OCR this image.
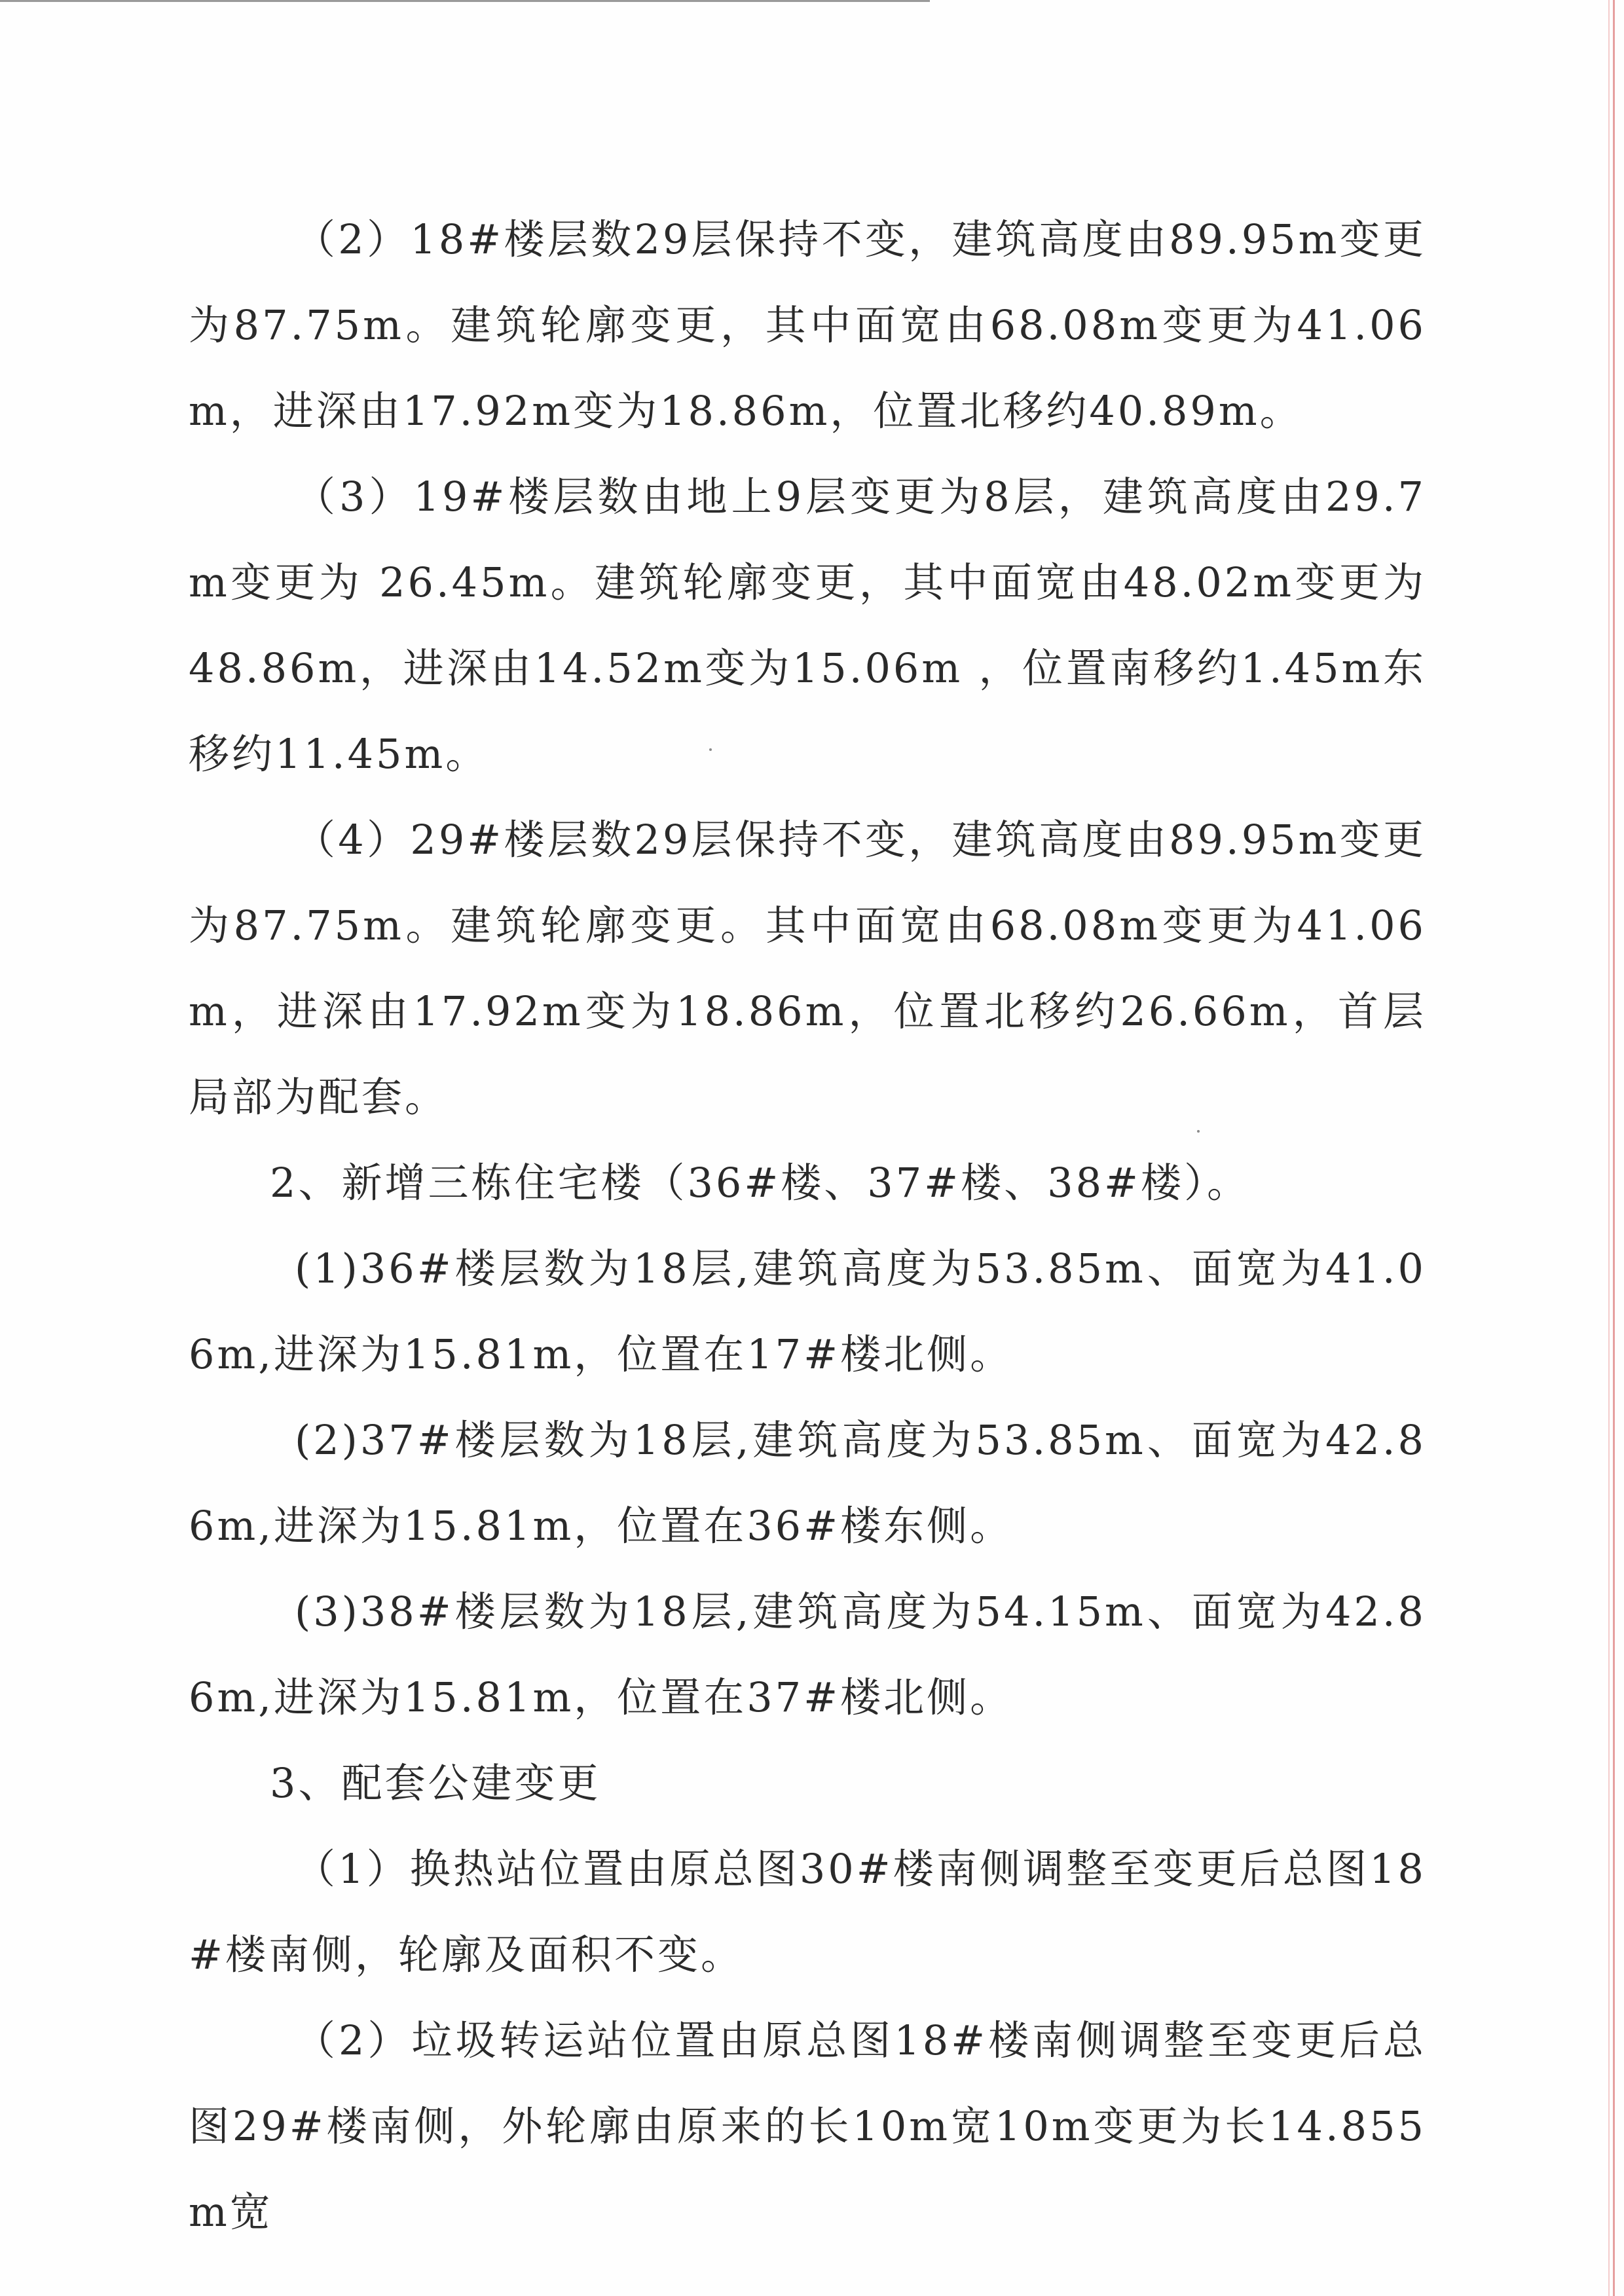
（2）18#楼层数29层保持不变，建筑高度由89.95m变更为87.75m。建筑轮廓变更，其中面宽由68.08m变更为41.06m，进深由17.92m变为18.86m，位置北移约40.89m。

（3）19#楼层数由地上9层变更为8层，建筑高度由29.7m变更为 26.45m。建筑轮廓变更，其中面宽由48.02m变更为48.86m，进深由14.52m变为15.06m ，位置南移约1.45m东移约11.45m。

（4）29#楼层数29层保持不变，建筑高度由89.95m变更为87.75m。建筑轮廓变更。其中面宽由68.08m变更为41.06m，进深由17.92m变为18.86m，位置北移约26.66m，首层局部为配套。

2、新增三栋住宅楼（36#楼、37#楼、38#楼）。

(1)36#楼层数为18层,建筑高度为53.85m、面宽为41.06m,进深为15.81m，位置在17#楼北侧。

(2)37#楼层数为18层,建筑高度为53.85m、面宽为42.86m,进深为15.81m，位置在36#楼东侧。

(3)38#楼层数为18层,建筑高度为54.15m、面宽为42.86m,进深为15.81m，位置在37#楼北侧。

3、配套公建变更

（1）换热站位置由原总图30#楼南侧调整至变更后总图18#楼南侧，轮廓及面积不变。

（2）垃圾转运站位置由原总图18#楼南侧调整至变更后总图29#楼南侧，外轮廓由原来的长10m宽10m变更为长14.855m宽
